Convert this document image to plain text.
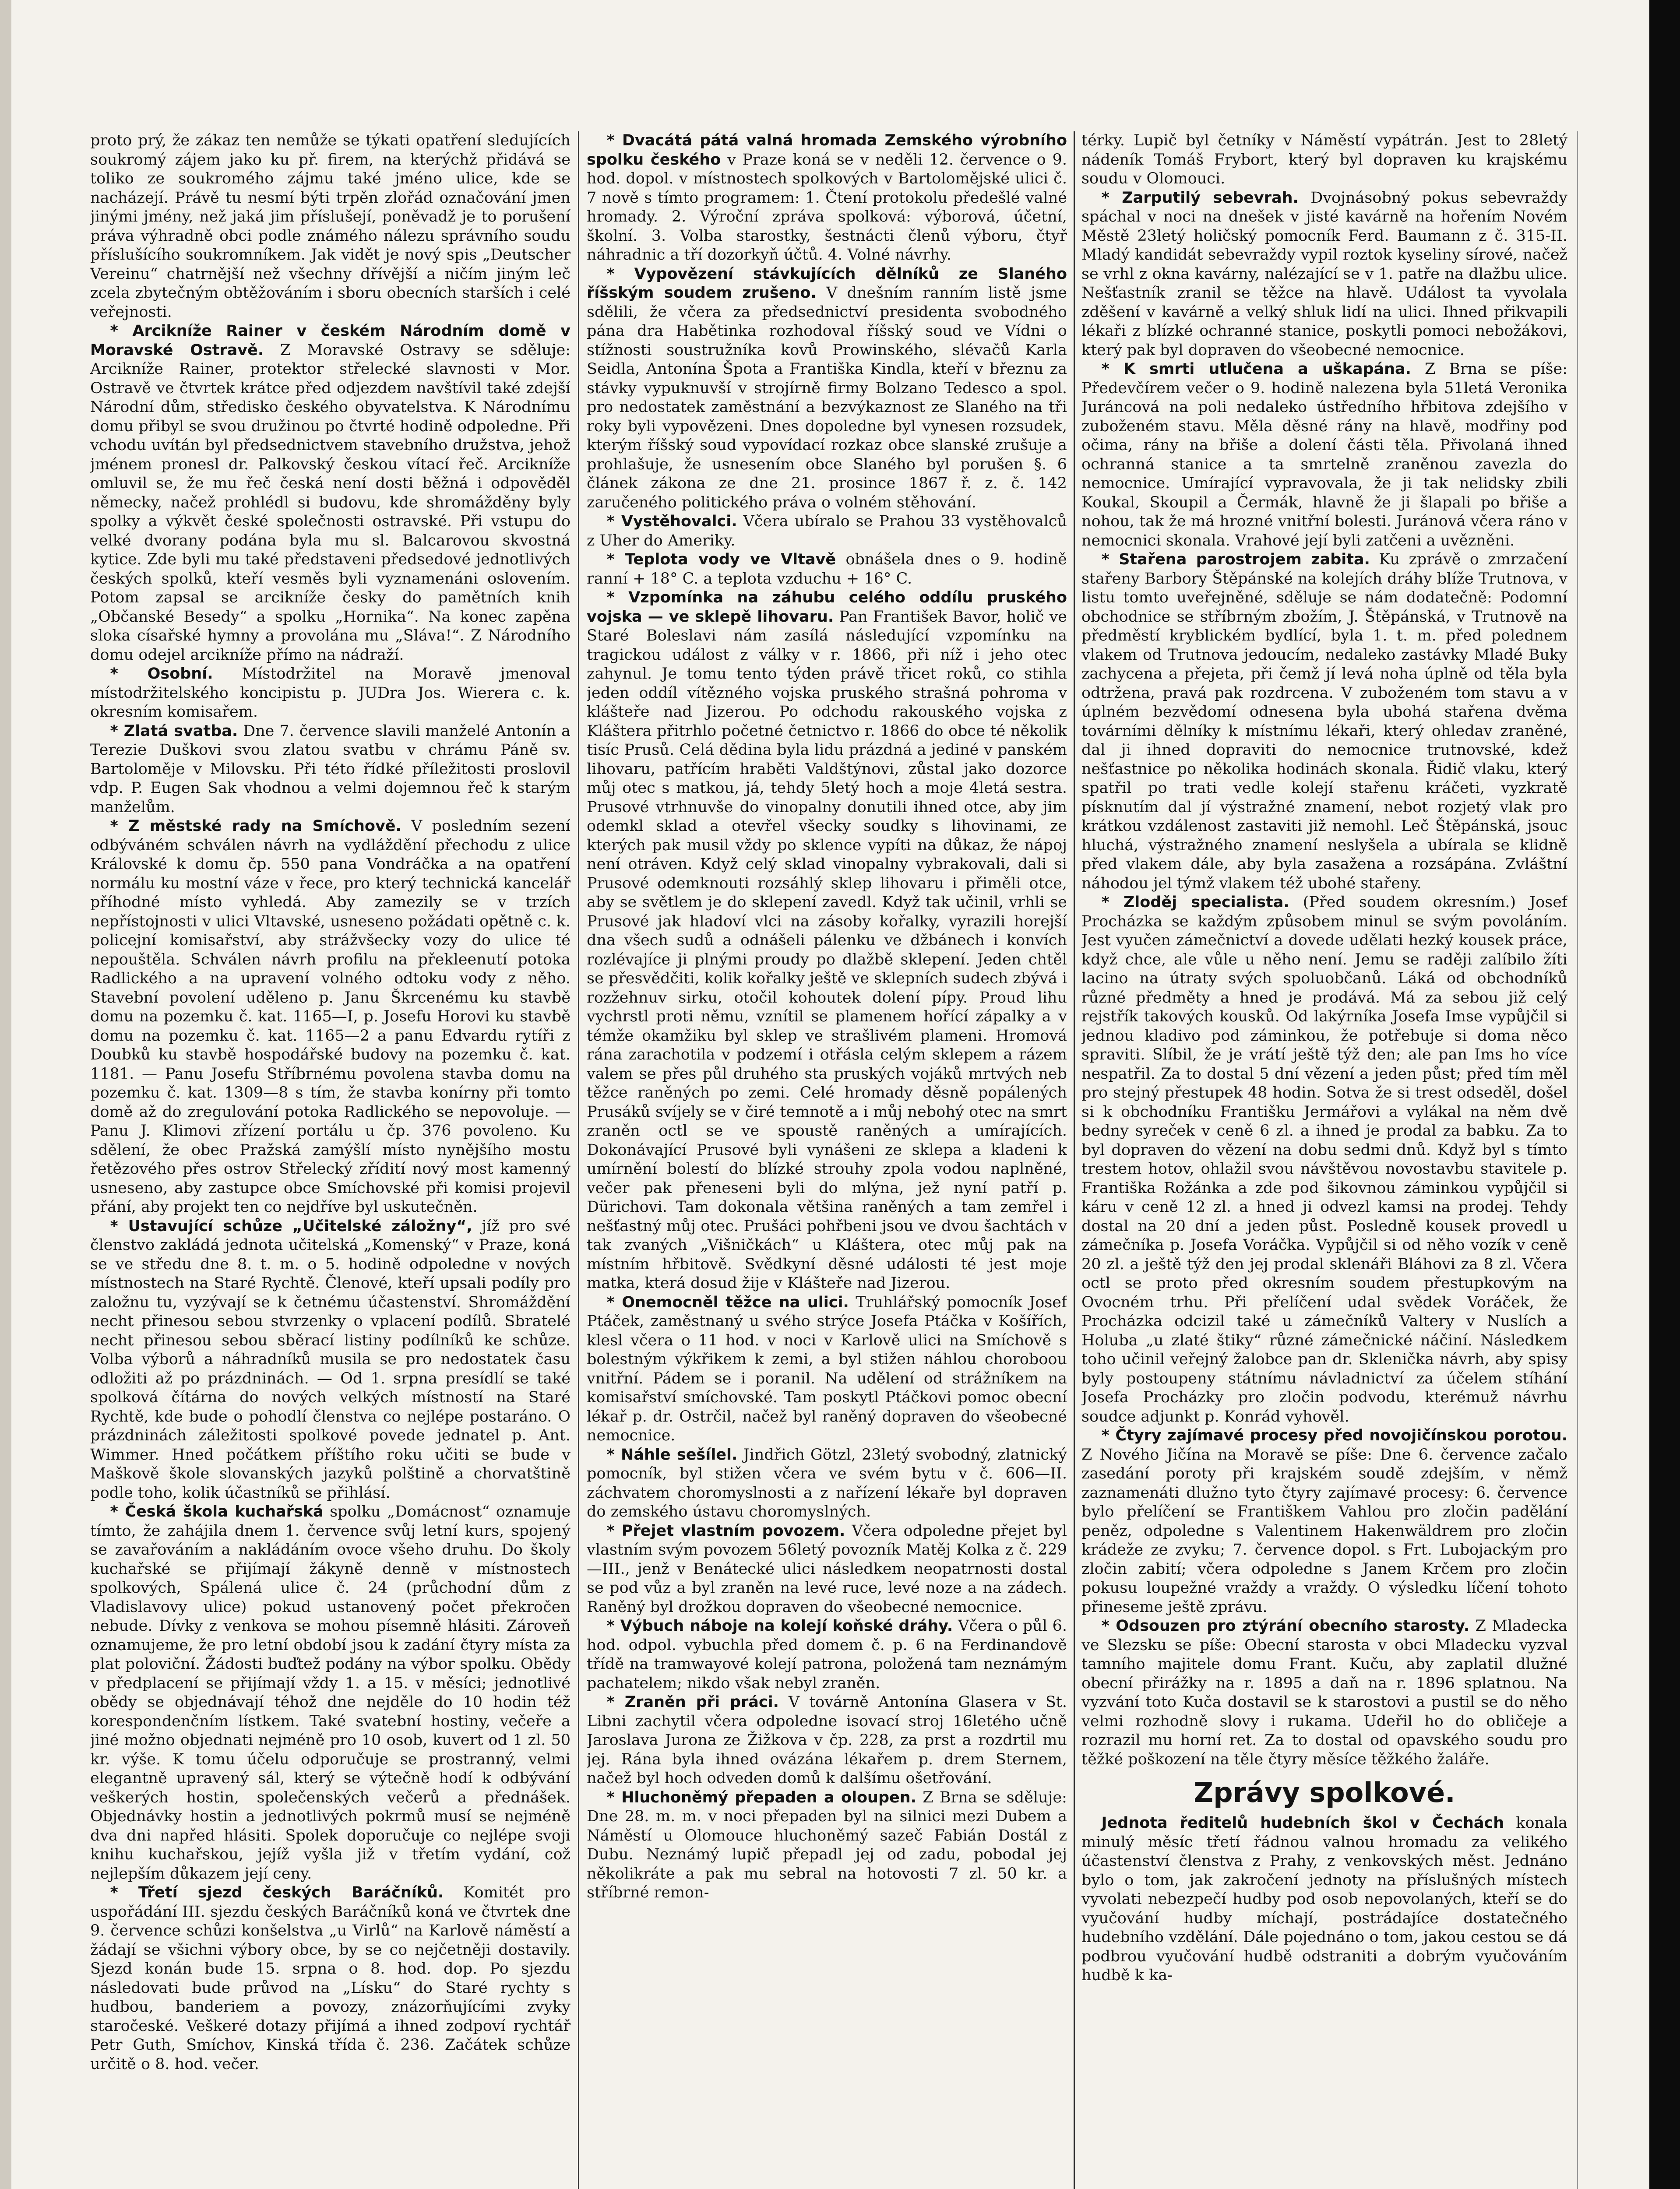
proto prý, že zákaz ten nemůže se týkati opatření sledujících soukromý zájem jako ku př. firem, na kterýchž přidává se toliko ze soukromého zájmu také jméno ulice, kde se nacházejí. Právě tu nesmí býti trpěn zlořád označování jmen jinými jmény, než jaká jim příslušejí, poněvadž je to porušení práva výhradně obci podle známého nálezu správního soudu příslušícího soukromníkem. Jak vidět je nový spis „Deutscher Vereinu“ chatrnější než všechny dřívější a ničím jiným leč zcela zbytečným obtěžováním i sboru obecních starších i celé veřejnosti.

* Arcikníže Rainer v českém Národním domě v Moravské Ostravě. Z Moravské Ostravy se sděluje: Arcikníže Rainer, protektor střelecké slavnosti v Mor. Ostravě ve čtvrtek krátce před odjezdem navštívil také zdejší Národní dům, středisko českého obyvatelstva. K Národnímu domu přibyl se svou družinou po čtvrté hodině odpoledne. Při vchodu uvítán byl předsednictvem stavebního družstva, jehož jménem pronesl dr. Palkovský českou vítací řeč. Arcikníže omluvil se, že mu řeč česká není dosti běžná i odpověděl německy, načež prohlédl si budovu, kde shromážděny byly spolky a výkvět české společnosti ostravské. Při vstupu do velké dvorany podána byla mu sl. Balcarovou skvostná kytice. Zde byli mu také představeni předsedové jednotlivých českých spolků, kteří vesměs byli vyznamenáni oslovením. Potom zapsal se arcikníže česky do pamětních knih „Občanské Besedy“ a spolku „Hornika“. Na konec zapěna sloka císařské hymny a provolána mu „Sláva!“. Z Národního domu odejel arcikníže přímo na nádraží.

* Osobní. Místodržitel na Moravě jmenoval místodržitelského koncipistu p. JUDra Jos. Wierera c. k. okresním komisařem.

* Zlatá svatba. Dne 7. července slavili manželé Antonín a Terezie Duškovi svou zlatou svatbu v chrámu Páně sv. Bartoloměje v Milovsku. Při této řídké příležitosti proslovil vdp. P. Eugen Sak vhodnou a velmi dojemnou řeč k starým manželům.

* Z městské rady na Smíchově. V posledním sezení odbýváném schválen návrh na vydláždění přechodu z ulice Královské k domu čp. 550 pana Vondráčka a na opatření normálu ku mostní váze v řece, pro který technická kancelář příhodné místo vyhledá. Aby zamezily se v trzích nepřístojnosti v ulici Vltavské, usneseno požádati opětně c. k. policejní komisařství, aby strážvšecky vozy do ulice té nepouštěla. Schválen návrh profilu na překleenutí potoka Radlického a na upravení volného odtoku vody z něho. Stavební povolení uděleno p. Janu Škrcenému ku stavbě domu na pozemku č. kat. 1165—I, p. Josefu Horovi ku stavbě domu na pozemku č. kat. 1165—2 a panu Edvardu rytíři z Doubků ku stavbě hospodářské budovy na pozemku č. kat. 1181. — Panu Josefu Stříbrnému povolena stavba domu na pozemku č. kat. 1309—8 s tím, že stavba konírny při tomto domě až do zregulování potoka Radlického se nepovoluje. — Panu J. Klimovi zřízení portálu u čp. 376 povoleno. Ku sdělení, že obec Pražská zamýšlí místo nynějšího mostu řetězového přes ostrov Střelecký zřídití nový most kamenný usneseno, aby zastupce obce Smíchovské při komisi projevil přání, aby projekt ten co nejdříve byl uskutečněn.

* Ustavující schůze „Učitelské záložny“, jíž pro své členstvo zakládá jednota učitelská „Komenský“ v Praze, koná se ve středu dne 8. t. m. o 5. hodině odpoledne v nových místnostech na Staré Rychtě. Členové, kteří upsali podíly pro založnu tu, vyzývají se k četnému účastenství. Shromáždění necht přinesou sebou stvrzenky o vplacení podílů. Sbratelé necht přinesou sebou sběrací listiny podílníků ke schůze. Volba výborů a náhradníků musila se pro nedostatek času odložiti až po prázdninách. — Od 1. srpna presídlí se také spolková čítárna do nových velkých místností na Staré Rychtě, kde bude o pohodlí členstva co nejlépe postaráno. O prázdninách záležitosti spolkové povede jednatel p. Ant. Wimmer. Hned počátkem příštího roku učiti se bude v Maškově škole slovanských jazyků polštině a chorvatštině podle toho, kolik účastníků se přihlásí.

* Česká škola kuchařská spolku „Domácnost“ oznamuje tímto, že zahájila dnem 1. července svůj letní kurs, spojený se zavařováním a nakládáním ovoce všeho druhu. Do školy kuchařské se přijímají žákyně denně v místnostech spolkových, Spálená ulice č. 24 (průchodní dům z Vladislavovy ulice) pokud ustanovený počet překročen nebude. Dívky z venkova se mohou písemně hlásiti. Zároveň oznamujeme, že pro letní období jsou k zadání čtyry místa za plat poloviční. Žádosti buďtež podány na výbor spolku. Obědy v předplacení se přijímají vždy 1. a 15. v měsíci; jednotlivé obědy se objednávají téhož dne nejděle do 10 hodin též korespondenčním lístkem. Také svatební hostiny, večeře a jiné možno objednati nejméně pro 10 osob, kuvert od 1 zl. 50 kr. výše. K tomu účelu odporučuje se prostranný, velmi elegantně upravený sál, který se výtečně hodí k odbývání veškerých hostin, společenských večerů a přednášek. Objednávky hostin a jednotlivých pokrmů musí se nejméně dva dni napřed hlásiti. Spolek doporučuje co nejlépe svoji knihu kuchařskou, jejíž vyšla již v třetím vydání, což nejlepším důkazem její ceny.

* Třetí sjezd českých Baráčníků. Komitét pro uspořádání III. sjezdu českých Baráčníků koná ve čtvrtek dne 9. července schůzi konšelstva „u Virlů“ na Karlově náměstí a žádají se všichni výbory obce, by se co nejčetněji dostavily. Sjezd konán bude 15. srpna o 8. hod. dop. Po sjezdu následovati bude průvod na „Lísku“ do Staré rychty s hudbou, banderiem a povozy, znázorňujícími zvyky staročeské. Veškeré dotazy přijímá a ihned zodpoví rychtář Petr Guth, Smíchov, Kinská třída č. 236. Začátek schůze určitě o 8. hod. večer.

* Dvacátá pátá valná hromada Zemského výrobního spolku českého v Praze koná se v neděli 12. července o 9. hod. dopol. v místnostech spolkových v Bartolomějské ulici č. 7 nově s tímto programem: 1. Čtení protokolu předešlé valné hromady. 2. Výroční zpráva spolková: výborová, účetní, školní. 3. Volba starostky, šestnácti členů výboru, čtyř náhradnic a tří dozorkyň účtů. 4. Volné návrhy.

* Vypovězení stávkujících dělníků ze Slaného říšským soudem zrušeno. V dnešním ranním listě jsme sdělili, že včera za předsednictví presidenta svobodného pána dra Habětinka rozhodoval říšský soud ve Vídni o stížnosti soustružníka kovů Prowinského, slévačů Karla Seidla, Antonína Špota a Františka Kindla, kteří v březnu za stávky vypuknuvší v strojírně firmy Bolzano Tedesco a spol. pro nedostatek zaměstnání a bezvýkaznost ze Slaného na tři roky byli vypovězeni. Dnes dopoledne byl vynesen rozsudek, kterým říšský soud vypovídací rozkaz obce slanské zrušuje a prohlašuje, že usnesením obce Slaného byl porušen §. 6 článek zákona ze dne 21. prosince 1867 ř. z. č. 142 zaručeného politického práva o volném stěhování.

* Vystěhovalci. Včera ubíralo se Prahou 33 vystěhovalců z Uher do Ameriky.

* Teplota vody ve Vltavě obnášela dnes o 9. hodině ranní + 18° C. a teplota vzduchu + 16° C.

* Vzpomínka na záhubu celého oddílu pruského vojska — ve sklepě lihovaru. Pan František Bavor, holič ve Staré Boleslavi nám zasílá následující vzpomínku na tragickou událost z války v r. 1866, při níž i jeho otec zahynul. Je tomu tento týden právě třicet roků, co stihla jeden oddíl vítězného vojska pruského strašná pohroma v klášteře nad Jizerou. Po odchodu rakouského vojska z Kláštera přitrhlo početné četnictvo r. 1866 do obce té několik tisíc Prusů. Celá dědina byla lidu prázdná a jediné v panském lihovaru, patřícím hraběti Valdštýnovi, zůstal jako dozorce můj otec s matkou, já, tehdy 5letý hoch a moje 4letá sestra. Prusové vtrhnuvše do vinopalny donutili ihned otce, aby jim odemkl sklad a otevřel všecky soudky s lihovinami, ze kterých pak musil vždy po sklence vypíti na důkaz, že nápoj není otráven. Když celý sklad vinopalny vybrakovali, dali si Prusové odemknouti rozsáhlý sklep lihovaru i přiměli otce, aby se světlem je do sklepení zavedl. Když tak učinil, vrhli se Prusové jak hladoví vlci na zásoby kořalky, vyrazili horejší dna všech sudů a odnášeli pálenku ve džbánech i konvích rozlévajíce ji plnými proudy po dlažbě sklepení. Jeden chtěl se přesvědčiti, kolik kořalky ještě ve sklepních sudech zbývá i rozžehnuv sirku, otočil kohoutek dolení pípy. Proud lihu vychrstl proti němu, vznítil se plamenem hořící zápalky a v témže okamžiku byl sklep ve strašlivém plameni. Hromová rána zarachotila v podzemí i otřásla celým sklepem a rázem valem se přes půl druhého sta pruských vojáků mrtvých neb těžce raněných po zemi. Celé hromady děsně popálených Prusáků svíjely se v čiré temnotě a i můj nebohý otec na smrt zraněn octl se ve spoustě raněných a umírajících. Dokonávající Prusové byli vynášeni ze sklepa a kladeni k umírnění bolestí do blízké strouhy zpola vodou naplněné, večer pak přeneseni byli do mlýna, jež nyní patří p. Dürichovi. Tam dokonala většina raněných a tam zemřel i nešťastný můj otec. Prušáci pohřbeni jsou ve dvou šachtách v tak zvaných „Višničkách“ u Kláštera, otec můj pak na místním hřbitově. Svědkyní děsné události té jest moje matka, která dosud žije v Klášteře nad Jizerou.

* Onemocněl těžce na ulici. Truhlářský pomocník Josef Ptáček, zaměstnaný u svého strýce Josefa Ptáčka v Košířích, klesl včera o 11 hod. v noci v Karlově ulici na Smíchově s bolestným výkřikem k zemi, a byl stižen náhlou choroboou vnitřní. Pádem se i poranil. Na udělení od strážníkem na komisařství smíchovské. Tam poskytl Ptáčkovi pomoc obecní lékař p. dr. Ostrčil, načež byl raněný dopraven do všeobecné nemocnice.

* Náhle sešílel. Jindřich Götzl, 23letý svobodný, zlatnický pomocník, byl stižen včera ve svém bytu v č. 606—II. záchvatem choromyslnosti a z nařízení lékaře byl dopraven do zemského ústavu choromyslných.

* Přejet vlastním povozem. Včera odpoledne přejet byl vlastním svým povozem 56letý povozník Matěj Kolka z č. 229—III., jenž v Benátecké ulici následkem neopatrnosti dostal se pod vůz a byl zraněn na levé ruce, levé noze a na zádech. Raněný byl drožkou dopraven do všeobecné nemocnice.

* Výbuch náboje na kolejí koňské dráhy. Včera o půl 6. hod. odpol. vybuchla před domem č. p. 6 na Ferdinandově třídě na tramwayové kolejí patrona, položená tam neznámým pachatelem; nikdo však nebyl zraněn.

* Zraněn při práci. V továrně Antonína Glasera v St. Libni zachytil včera odpoledne isovací stroj 16letého učně Jaroslava Jurona ze Žižkova v čp. 228, za prst a rozdrtil mu jej. Rána byla ihned ovázána lékařem p. drem Sternem, načež byl hoch odveden domů k dalšímu ošetřování.

* Hluchoněmý přepaden a oloupen. Z Brna se sděluje: Dne 28. m. m. v noci přepaden byl na silnici mezi Dubem a Náměstí u Olomouce hluchoněmý sazeč Fabián Dostál z Dubu. Neznámý lupič přepadl jej od zadu, pobodal jej několikráte a pak mu sebral na hotovosti 7 zl. 50 kr. a stříbrné remon-

térky. Lupič byl četníky v Náměstí vypátrán. Jest to 28letý nádeník Tomáš Frybort, který byl dopraven ku krajskému soudu v Olomouci.

* Zarputilý sebevrah. Dvojnásobný pokus sebevraždy spáchal v noci na dnešek v jisté kavárně na hořením Novém Městě 23letý holičský pomocník Ferd. Baumann z č. 315-II. Mladý kandidát sebevraždy vypil roztok kyseliny sírové, načež se vrhl z okna kavárny, nalézající se v 1. patře na dlažbu ulice. Nešťastník zranil se těžce na hlavě. Událost ta vyvolala zděšení v kavárně a velký shluk lidí na ulici. Ihned přikvapili lékaři z blízké ochranné stanice, poskytli pomoci nebožákovi, který pak byl dopraven do všeobecné nemocnice.

* K smrti utlučena a uškapána. Z Brna se píše: Předevčírem večer o 9. hodině nalezena byla 51letá Veronika Juráncová na poli nedaleko ústředního hřbitova zdejšího v zuboženém stavu. Měla děsné rány na hlavě, modřiny pod očima, rány na břiše a dolení části těla. Přivolaná ihned ochranná stanice a ta smrtelně zraněnou zavezla do nemocnice. Umírající vypravovala, že ji tak nelidsky zbili Koukal, Skoupil a Čermák, hlavně že ji šlapali po břiše a nohou, tak že má hrozné vnitřní bolesti. Juránová včera ráno v nemocnici skonala. Vrahové její byli zatčeni a uvězněni.

* Stařena parostrojem zabita. Ku zprávě o zmrzačení stařeny Barbory Štěpánské na kolejích dráhy blíže Trutnova, v listu tomto uveřejněné, sděluje se nám dodatečně: Podomní obchodnice se stříbrným zbožím, J. Štěpánská, v Trutnově na předměstí kryblickém bydlící, byla 1. t. m. před polednem vlakem od Trutnova jedoucím, nedaleko zastávky Mladé Buky zachycena a přejeta, při čemž jí levá noha úplně od těla byla odtržena, pravá pak rozdrcena. V zuboženém tom stavu a v úplném bezvědomí odnesena byla ubohá stařena dvěma továrními dělníky k místnímu lékaři, který ohledav zraněné, dal ji ihned dopraviti do nemocnice trutnovské, kdež nešťastnice po několika hodinách skonala. Řidič vlaku, který spatřil po trati vedle kolejí stařenu kráčeti, vyzkratě písknutím dal jí výstražné znamení, nebot rozjetý vlak pro krátkou vzdálenost zastaviti již nemohl. Leč Štěpánská, jsouc hluchá, výstražného znamení neslyšela a ubírala se klidně před vlakem dále, aby byla zasažena a rozsápána. Zvláštní náhodou jel týmž vlakem též ubohé stařeny.

* Zloděj specialista. (Před soudem okresním.) Josef Procházka se každým způsobem minul se svým povoláním. Jest vyučen zámečnictví a dovede udělati hezký kousek práce, když chce, ale vůle u něho není. Jemu se raději zalíbilo žíti lacino na útraty svých spoluobčanů. Láká od obchodníků různé předměty a hned je prodává. Má za sebou již celý rejstřík takových kousků. Od lakýrníka Josefa Imse vypůjčil si jednou kladivo pod záminkou, že potřebuje si doma něco spraviti. Slíbil, že je vrátí ještě týž den; ale pan Ims ho více nespatřil. Za to dostal 5 dní vězení a jeden půst; před tím měl pro stejný přestupek 48 hodin. Sotva že si trest odseděl, došel si k obchodníku Františku Jermářovi a vylákal na něm dvě bedny syreček v ceně 6 zl. a ihned je prodal za babku. Za to byl dopraven do vězení na dobu sedmi dnů. Když byl s tímto trestem hotov, ohlažil svou návštěvou novostavbu stavitele p. Františka Rožánka a zde pod šikovnou záminkou vypůjčil si káru v ceně 12 zl. a hned ji odvezl kamsi na prodej. Tehdy dostal na 20 dní a jeden půst. Posledně kousek provedl u zámečníka p. Josefa Voráčka. Vypůjčil si od něho vozík v ceně 20 zl. a ještě týž den jej prodal sklenáři Bláhovi za 8 zl. Včera octl se proto před okresním soudem přestupkovým na Ovocném trhu. Při přelíčení udal svědek Voráček, že Procházka odcizil také u zámečníků Valtery v Nuslích a Holuba „u zlaté štiky“ různé zámečnické náčiní. Následkem toho učinil veřejný žalobce pan dr. Sklenička návrh, aby spisy byly postoupeny státnímu návladnictví za účelem stíhání Josefa Procházky pro zločin podvodu, kterémuž návrhu soudce adjunkt p. Konrád vyhověl.

* Čtyry zajímavé procesy před novojičínskou porotou. Z Nového Jičína na Moravě se píše: Dne 6. července začalo zasedání poroty při krajském soudě zdejším, v němž zaznamenáti dlužno tyto čtyry zajímavé procesy: 6. července bylo přelíčení se Františkem Vahlou pro zločin padělání peněz, odpoledne s Valentinem Hakenwäldrem pro zločin krádeže ze zvyku; 7. července dopol. s Frt. Lubojackým pro zločin zabití; včera odpoledne s Janem Krčem pro zločin pokusu loupežné vraždy a vraždy. O výsledku líčení tohoto přineseme ještě zprávu.

* Odsouzen pro ztýrání obecního starosty. Z Mladecka ve Slezsku se píše: Obecní starosta v obci Mladecku vyzval tamního majitele domu Frant. Kuču, aby zaplatil dlužné obecní přirážky na r. 1895 a daň na r. 1896 splatnou. Na vyzvání toto Kuča dostavil se k starostovi a pustil se do něho velmi rozhodně slovy i rukama. Udeřil ho do obličeje a rozrazil mu horní ret. Za to dostal od opavského soudu pro těžké poškození na těle čtyry měsíce těžkého žaláře.

Zprávy spolkové.

Jednota ředitelů hudebních škol v Čechách konala minulý měsíc třetí řádnou valnou hromadu za velikého účastenství členstva z Prahy, z venkovských měst. Jednáno bylo o tom, jak zakročení jednoty na příslušných místech vyvolati nebezpečí hudby pod osob nepovolaných, kteří se do vyučování hudby míchají, postrádajíce dostatečného hudebního vzdělání. Dále pojednáno o tom, jakou cestou se dá podbrou vyučování hudbě odstraniti a dobrým vyučováním hudbě k ka-
